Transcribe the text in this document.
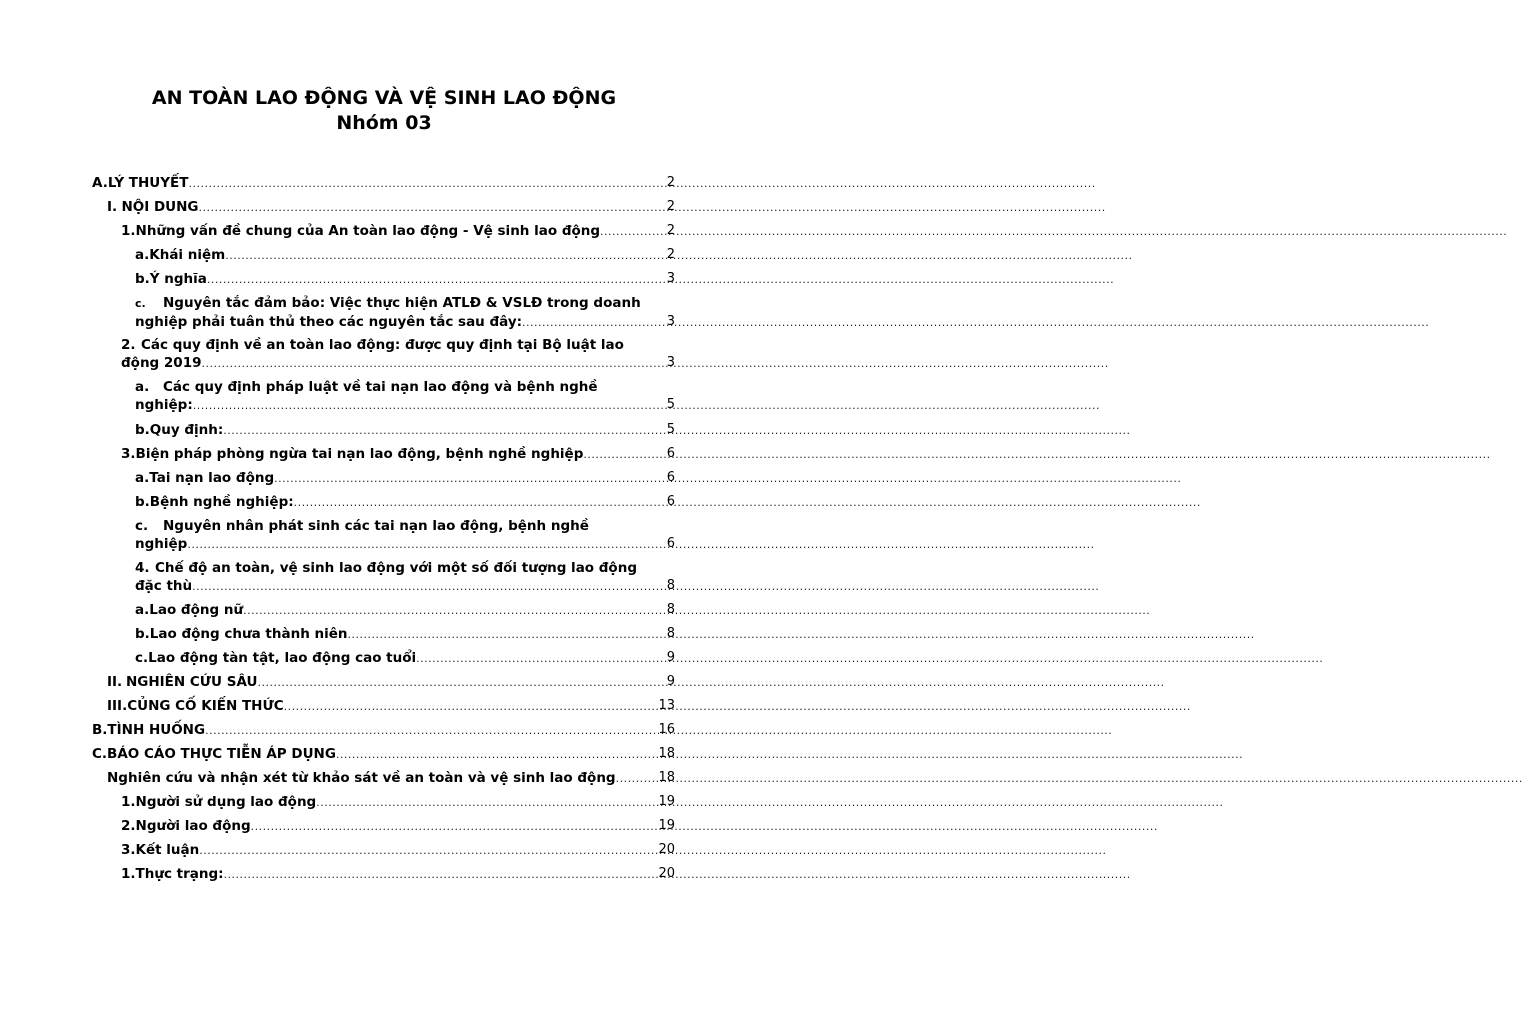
AN TOÀN LAO ĐỘNG VÀ VỆ SINH LAO ĐỘNG
Nhóm 03
A. LÝ THUYẾT .....	2
I. NỘI DUNG .....	2
1. Những vấn đề chung của An toàn lao động - Vệ sinh lao động .....	2
a. Khái niệm .....	2
b. Ý nghĩa .....	3
c. Nguyên tắc đảm bảo: Việc thực hiện ATLĐ & VSLĐ trong doanh
nghiệp phải tuân thủ theo các nguyên tắc sau đây: .....	3
2. Các quy định về an toàn lao động: được quy định tại Bộ luật lao
động 2019 .....	3
a. Các quy định pháp luật về tai nạn lao động và bệnh nghề
nghiệp: .....	5
b. Quy định: .....	5
3. Biện pháp phòng ngừa tai nạn lao động, bệnh nghề nghiệp .....	6
a. Tai nạn lao động .....	6
b. Bệnh nghề nghiệp: .....	6
c. Nguyên nhân phát sinh các tai nạn lao động, bệnh nghề
nghiệp .....	6
4. Chế độ an toàn, vệ sinh lao động với một số đối tượng lao động
đặc thù .....	8
a. Lao động nữ .....	8
b. Lao động chưa thành niên .....	8
c. Lao động tàn tật, lao động cao tuổi .....	9
II. NGHIÊN CỨU SÂU .....	9
III. CỦNG CỐ KIẾN THỨC .....	13
B. TÌNH HUỐNG .....	16
C. BÁO CÁO THỰC TIỄN ÁP DỤNG .....	18
Nghiên cứu và nhận xét từ khảo sát về an toàn và vệ sinh lao động .....	18
1. Người sử dụng lao động .....	19
2. Người lao động .....	19
3. Kết luận .....	20
1. Thực trạng: .....	20
